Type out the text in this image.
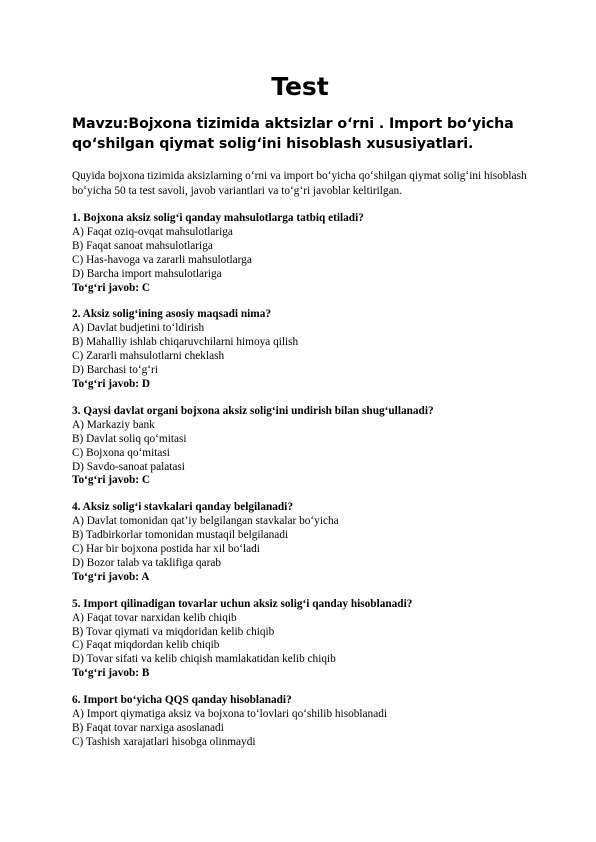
Test

Mavzu:Bojxona tizimida aktsizlar o‘rni . Import bo‘yicha qo‘shilgan qiymat solig‘ini hisoblash xususiyatlari.

Quyida bojxona tizimida aksizlarning o‘rni va import bo‘yicha qo‘shilgan qiymat solig‘ini hisoblash bo‘yicha 50 ta test savoli, javob variantlari va to‘g‘ri javoblar keltirilgan.

1. Bojxona aksiz solig‘i qanday mahsulotlarga tatbiq etiladi?
A) Faqat oziq-ovqat mahsulotlariga
B) Faqat sanoat mahsulotlariga
C) Has-havoga va zararli mahsulotlarga
D) Barcha import mahsulotlariga
To‘g‘ri javob: C
2. Aksiz solig‘ining asosiy maqsadi nima?
A) Davlat budjetini to‘ldirish
B) Mahalliy ishlab chiqaruvchilarni himoya qilish
C) Zararli mahsulotlarni cheklash
D) Barchasi to‘g‘ri
To‘g‘ri javob: D
3. Qaysi davlat organi bojxona aksiz solig‘ini undirish bilan shug‘ullanadi?
A) Markaziy bank
B) Davlat soliq qo‘mitasi
C) Bojxona qo‘mitasi
D) Savdo-sanoat palatasi
To‘g‘ri javob: C
4. Aksiz solig‘i stavkalari qanday belgilanadi?
A) Davlat tomonidan qat’iy belgilangan stavkalar bo‘yicha
B) Tadbirkorlar tomonidan mustaqil belgilanadi
C) Har bir bojxona postida har xil bo‘ladi
D) Bozor talab va taklifiga qarab
To‘g‘ri javob: A
5. Import qilinadigan tovarlar uchun aksiz solig‘i qanday hisoblanadi?
A) Faqat tovar narxidan kelib chiqib
B) Tovar qiymati va miqdoridan kelib chiqib
C) Faqat miqdordan kelib chiqib
D) Tovar sifati va kelib chiqish mamlakatidan kelib chiqib
To‘g‘ri javob: B
6. Import bo‘yicha QQS qanday hisoblanadi?
A) Import qiymatiga aksiz va bojxona to‘lovlari qo‘shilib hisoblanadi
B) Faqat tovar narxiga asoslanadi
C) Tashish xarajatlari hisobga olinmaydi
